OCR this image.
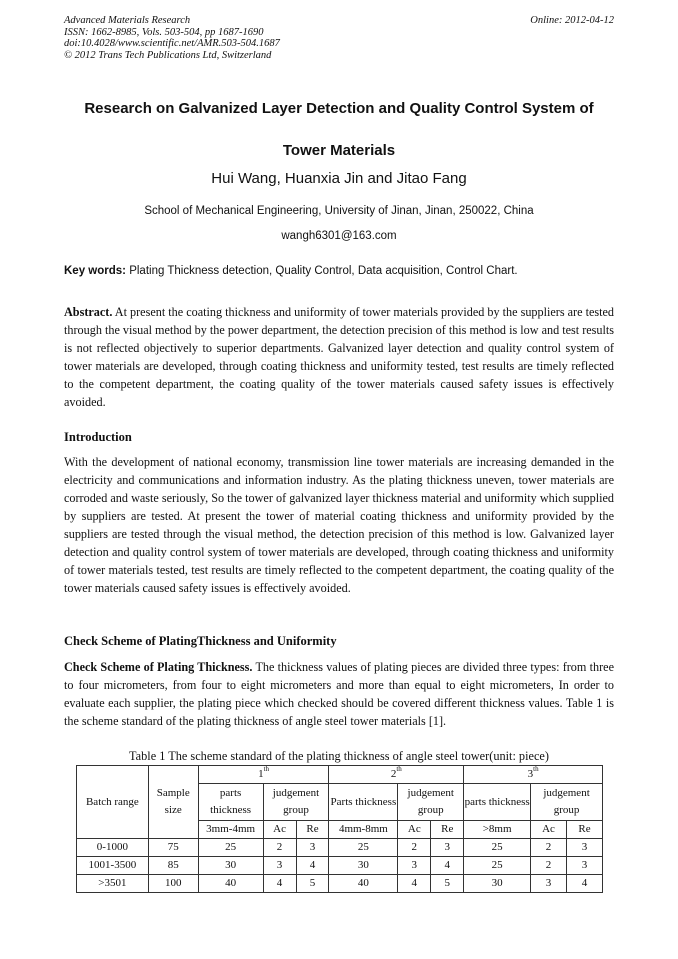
Advanced Materials Research
ISSN: 1662-8985, Vols. 503-504, pp 1687-1690
doi:10.4028/www.scientific.net/AMR.503-504.1687
© 2012 Trans Tech Publications Ltd, Switzerland
Online: 2012-04-12
Research on Galvanized Layer Detection and Quality Control System of
Tower Materials
Hui Wang, Huanxia Jin and Jitao Fang
School of Mechanical Engineering, University of Jinan, Jinan, 250022, China
wangh6301@163.com
Key words: Plating Thickness detection, Quality Control, Data acquisition, Control Chart.
Abstract. At present the coating thickness and uniformity of tower materials provided by the suppliers are tested through the visual method by the power department, the detection precision of this method is low and test results is not reflected objectively to superior departments. Galvanized layer detection and quality control system of tower materials are developed, through coating thickness and uniformity tested, test results are timely reflected to the competent department, the coating quality of the tower materials caused safety issues is effectively avoided.
Introduction
With the development of national economy, transmission line tower materials are increasing demanded in the electricity and communications and information industry. As the plating thickness uneven, tower materials are corroded and waste seriously, So the tower of galvanized layer thickness material and uniformity which supplied by suppliers are tested. At present the tower of material coating thickness and uniformity provided by the suppliers are tested through the visual method, the detection precision of this method is low. Galvanized layer detection and quality control system of tower materials are developed, through coating thickness and uniformity of tower materials tested, test results are timely reflected to the competent department, the coating quality of the tower materials caused safety issues is effectively avoided.
Check Scheme of PlatingThickness and Uniformity
Check Scheme of Plating Thickness. The thickness values of plating pieces are divided three types: from three to four micrometers, from four to eight micrometers and more than equal to eight micrometers, In order to evaluate each supplier, the plating piece which checked should be covered different thickness values. Table 1 is the scheme standard of the plating thickness of angle steel tower materials [1].
Table 1 The scheme standard of the plating thickness of angle steel tower(unit: piece)
Batch range	Sample size	1th			2th			3th
		parts thickness	judgement group		Parts thickness	judgement group		parts thickness	judgement group	
		3mm-4mm	Ac	Re	4mm-8mm	Ac	Re	>8mm	Ac	Re
0-1000	75	25	2	3	25	2	3	25	2	3
1001-3500	85	30	3	4	30	3	4	25	2	3
>3501	100	40	4	5	40	4	5	30	3	4
